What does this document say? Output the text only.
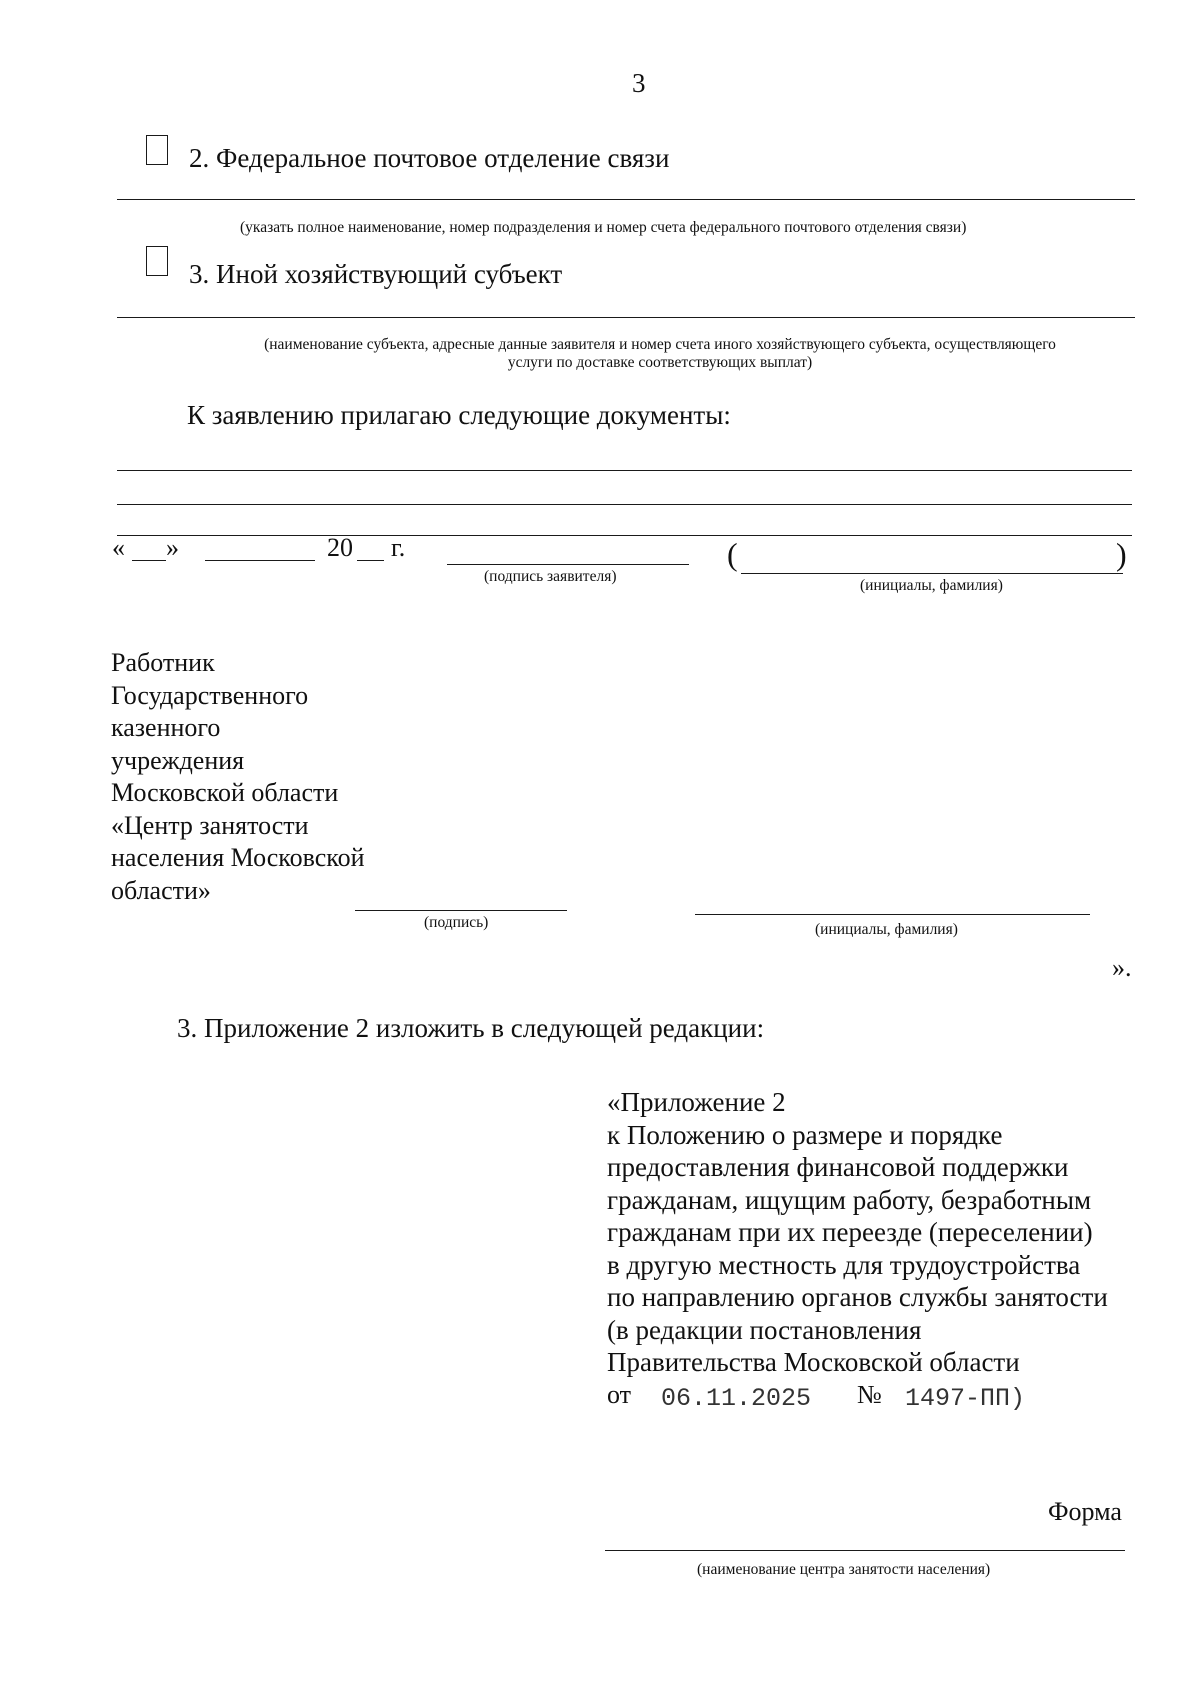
3
2. Федеральное почтовое отделение связи
(указать полное наименование, номер подразделения и номер счета федерального почтового отделения связи)
3. Иной хозяйствующий субъект
(наименование субъекта, адресные данные заявителя и номер счета иного хозяйствующего субъекта, осуществляющего
услуги по доставке соответствующих выплат)
К заявлению прилагаю следующие документы:
« »	20 г.
(подпись заявителя)
(	)
(инициалы, фамилия)
Работник
Государственного
казенного
учреждения
Московской области
«Центр занятости
населения Московской
области»
(подпись)	(инициалы, фамилия)
».
3. Приложение 2 изложить в следующей редакции:
«Приложение 2
к Положению о размере и порядке
предоставления финансовой поддержки
гражданам, ищущим работу, безработным
гражданам при их переезде (переселении)
в другую местность для трудоустройства
по направлению органов службы занятости
(в редакции постановления
Правительства Московской области
от 06.11.2025 № 1497-ПП)
Форма
(наименование центра занятости населения)
